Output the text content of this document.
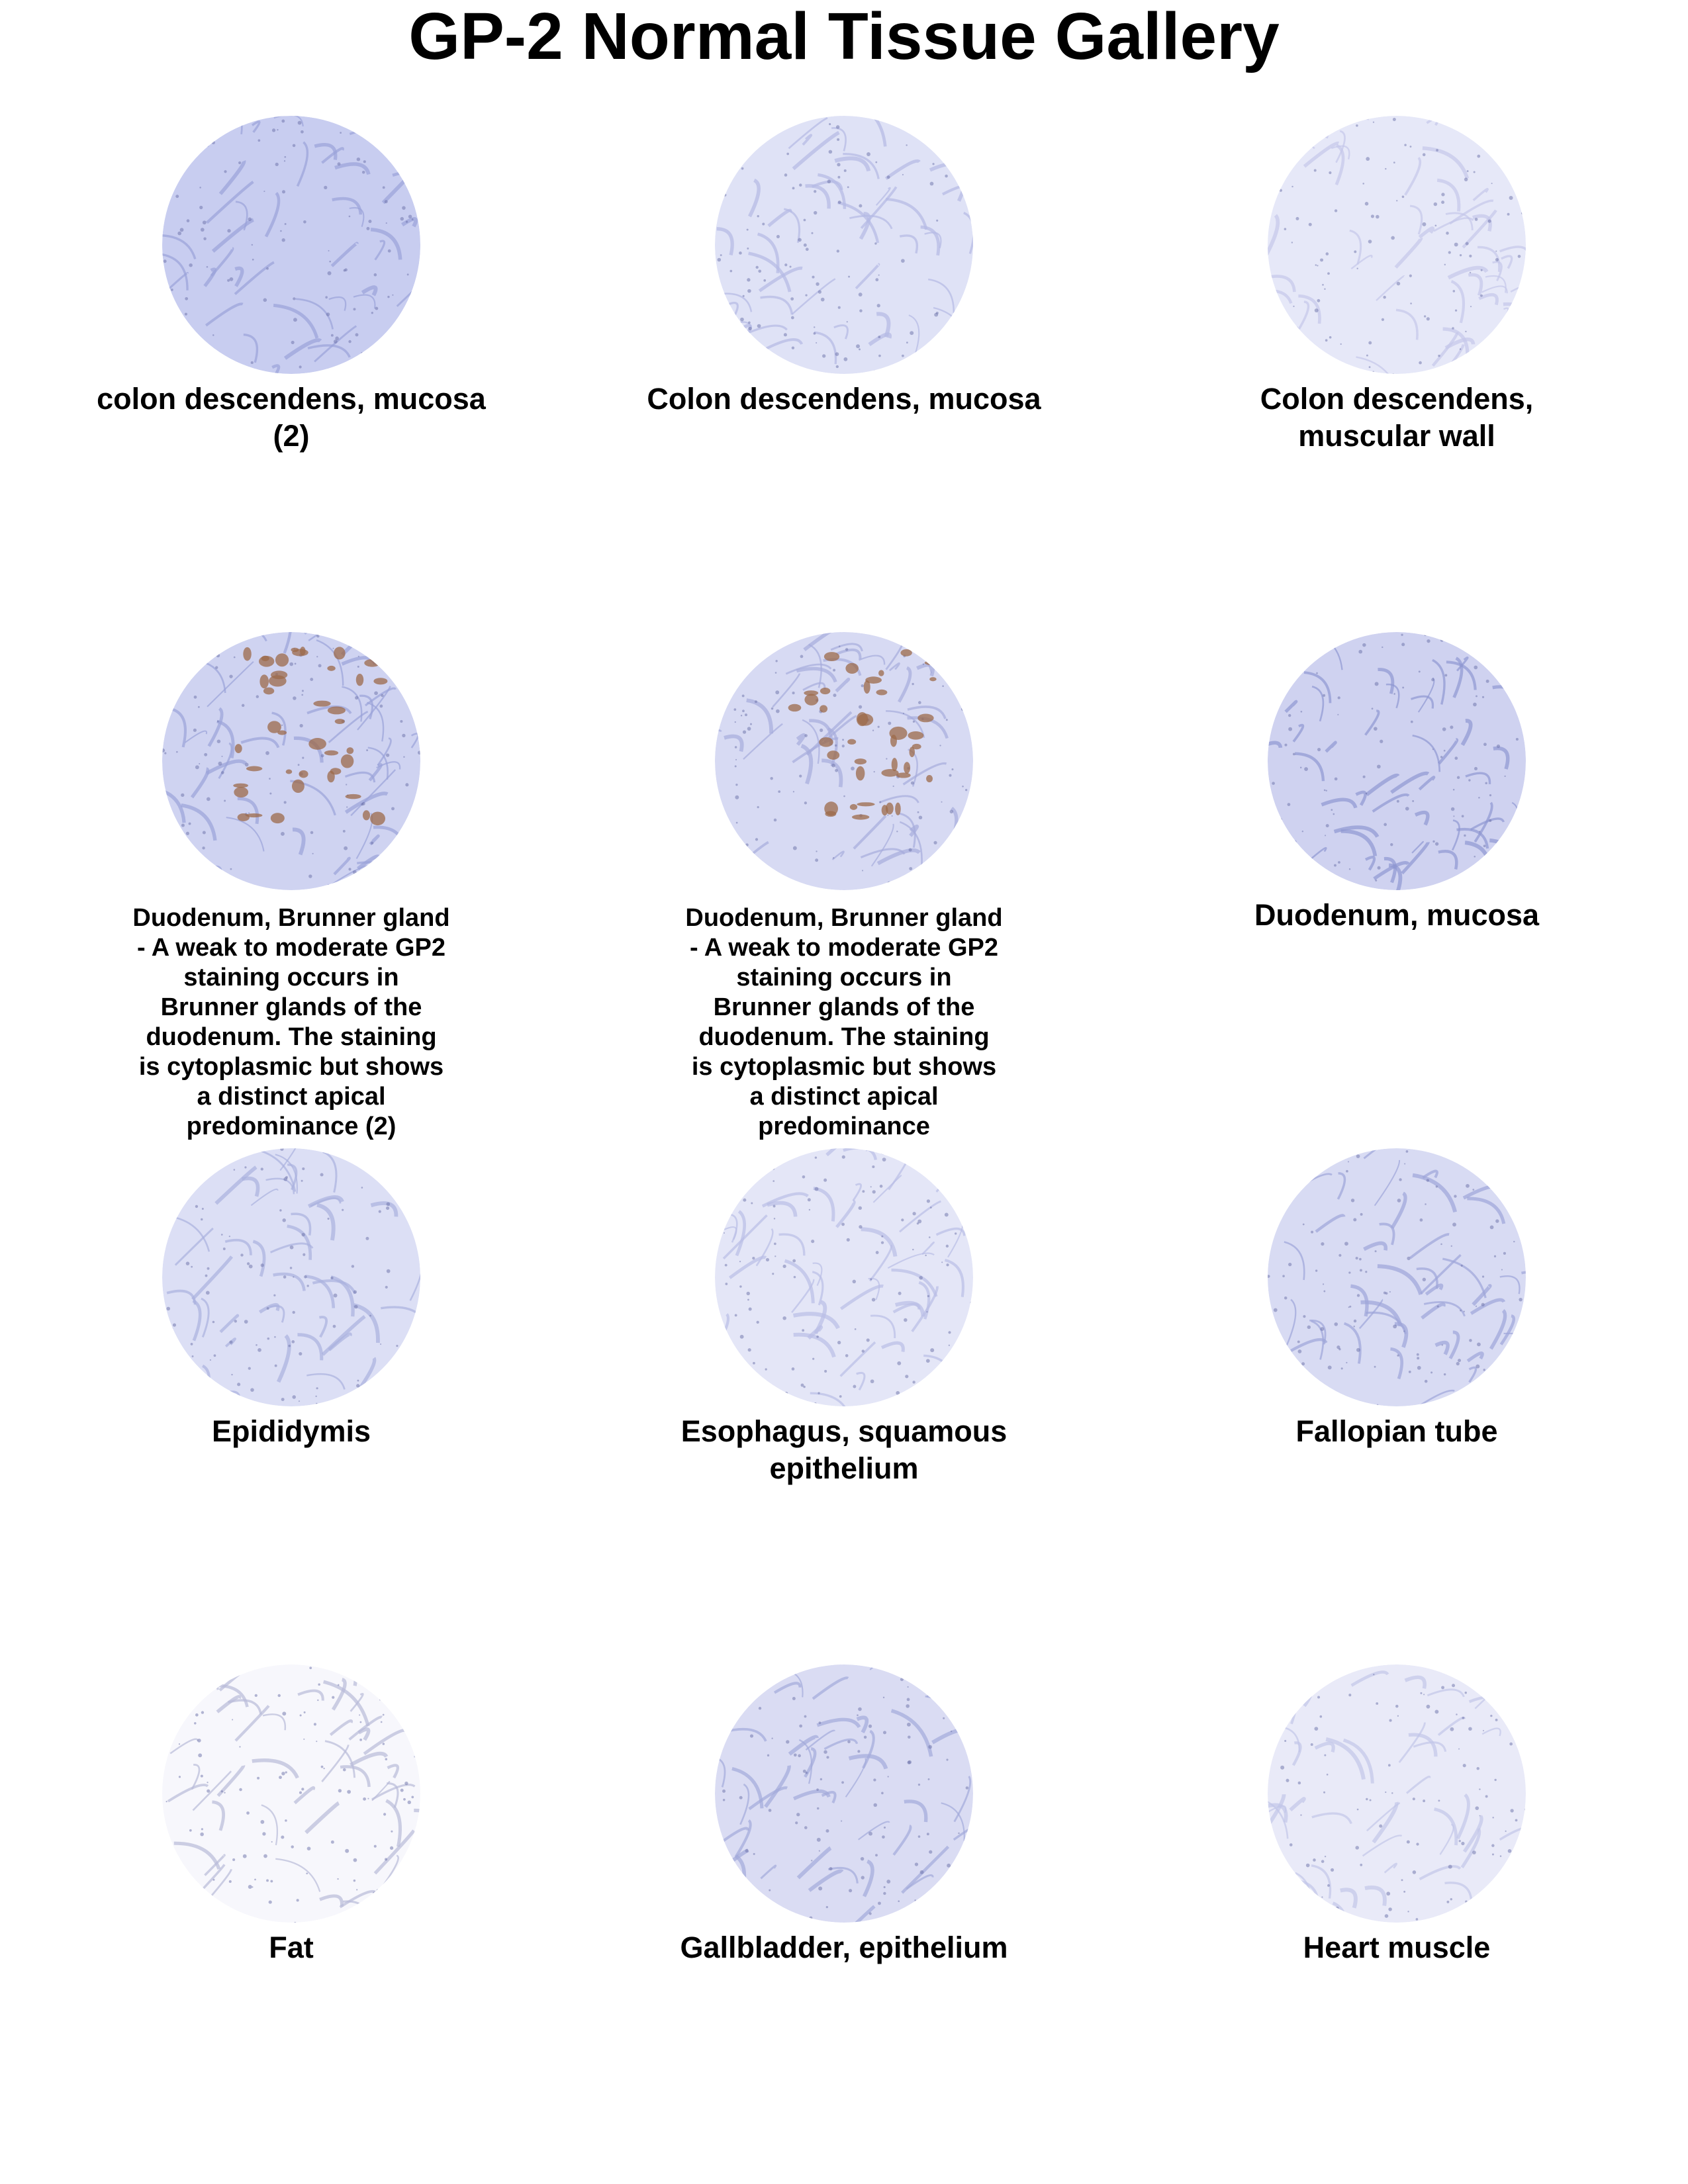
GP-2 Normal Tissue Gallery
colon descendens, mucosa
(2)
Colon descendens, mucosa	Colon descendens,
muscular wall
Duodenum, Brunner gland
- A weak to moderate GP2
staining occurs in
Brunner glands of the
duodenum. The staining
is cytoplasmic but shows
a distinct apical
predominance (2)
Duodenum, Brunner gland
- A weak to moderate GP2
staining occurs in
Brunner glands of the
duodenum. The staining
is cytoplasmic but shows
a distinct apical
predominance
Duodenum, mucosa
Epididymis	Esophagus, squamous
epithelium
Fallopian tube
Fat	Gallbladder, epithelium	Heart muscle
